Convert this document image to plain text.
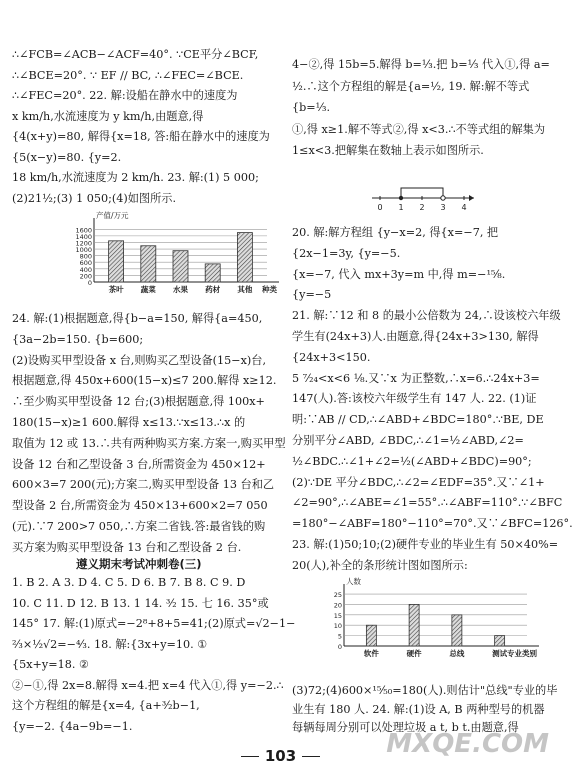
∴∠FCB=∠ACB−∠ACF=40°. ∵CE平分∠BCF,
∴∠BCE=20°. ∵ EF // BC, ∴∠FEC=∠BCE.
∴∠FEC=20°. 22. 解:设船在静水中的速度为
x km/h,水流速度为 y km/h,由题意,得
{4(x+y)=80, 解得{x=18, 答:船在静水中的速度为
{5(x−y)=80. {y=2.
18 km/h,水流速度为 2 km/h. 23. 解:(1) 5 000;
(2)21½;(3) 1 050;(4)如图所示.
24. 解:(1)根据题意,得{b−a=150, 解得{a=450,
{3a−2b=150. {b=600;
(2)设购买甲型设备 x 台,则购买乙型设备(15−x)台,
根据题意,得 450x+600(15−x)≤7 200.解得 x≥12.
∴至少购买甲型设备 12 台;(3)根据题意,得 100x+
180(15−x)≥1 600.解得 x≤13.∵x≤13.∴x 的
取值为 12 或 13.∴共有两种购买方案.方案一,购买甲型
设备 12 台和乙型设备 3 台,所需资金为 450×12+
600×3=7 200(元);方案二,购买甲型设备 13 台和乙
型设备 2 台,所需资金为 450×13+600×2=7 050
(元).∵7 200>7 050,∴方案二省钱.答:最省钱的购
买方案为购买甲型设备 13 台和乙型设备 2 台.
遵义期末考试冲刺卷(三)
1. B 2. A 3. D 4. C 5. D 6. B 7. B 8. C 9. D
10. C 11. D 12. B 13. 1 14. ³⁄₂ 15. 七 16. 35°或
145° 17. 解:(1)原式=−2⁸+8+5=41;(2)原式=√2−1−
²⁄₃×½√2=−⁴⁄₃. 18. 解:{3x+y=10. ①
{5x+y=18. ②
②−①,得 2x=8.解得 x=4.把 x=4 代入①,得 y=−2.∴
这个方程组的解是{x=4, {a+³⁄₂b−1,
{y=−2. {4a−9b=−1.
4−②,得 15b=5.解得 b=⅓.把 b=⅓ 代入①,得 a=
½.∴这个方程组的解是{a=½, 19. 解:解不等式
{b=⅓.
①,得 x≥1.解不等式②,得 x<3.∴不等式组的解集为
1≤x<3.把解集在数轴上表示如图所示.
20. 解:解方程组 {y−x=2, 得{x=−7, 把
{2x−1=3y, {y=−5.
{x=−7, 代入 mx+3y=m 中,得 m=−¹⁵⁄₈.
{y=−5
21. 解:∵12 和 8 的最小公倍数为 24,∴设该校六年级
学生有(24x+3)人.由题意,得{24x+3>130, 解得
{24x+3<150.
5 ⁷⁄₂₄<x<6 ⅛.又∵x 为正整数,∴x=6.∴24x+3=
147(人).答:该校六年级学生有 147 人. 22. (1)证
明:∵AB // CD,∴∠ABD+∠BDC=180°.∵BE, DE
分别平分∠ABD, ∠BDC,∴∠1=½∠ABD,∠2=
½∠BDC.∴∠1+∠2=½(∠ABD+∠BDC)=90°;
(2)∵DE 平分∠BDC,∴∠2=∠EDF=35°.又∵∠1+
∠2=90°,∴∠ABE=∠1=55°.∴∠ABF=110°.∵∠BFC
=180°−∠ABF=180°−110°=70°.又∵∠BFC=126°.
23. 解:(1)50;10;(2)硬件专业的毕业生有 50×40%=
20(人),补全的条形统计图如图所示:
(3)72;(4)600×¹⁵⁄₅₀=180(人).则估计"总线"专业的毕
业生有 180 人. 24. 解:(1)设 A, B 两种型号的机器
每辆每周分别可以处理垃圾 a t, b t.由题意,得
0
200
400
600
800
1000
1200
1400
1600
产值/万元
茶叶 蔬菜 水果 药材 其他 种类
0 1 2 3 4
0
5
10
15
20
25
人数
软件	硬件	总线	测试 专业类别
103	MXQE.COM
